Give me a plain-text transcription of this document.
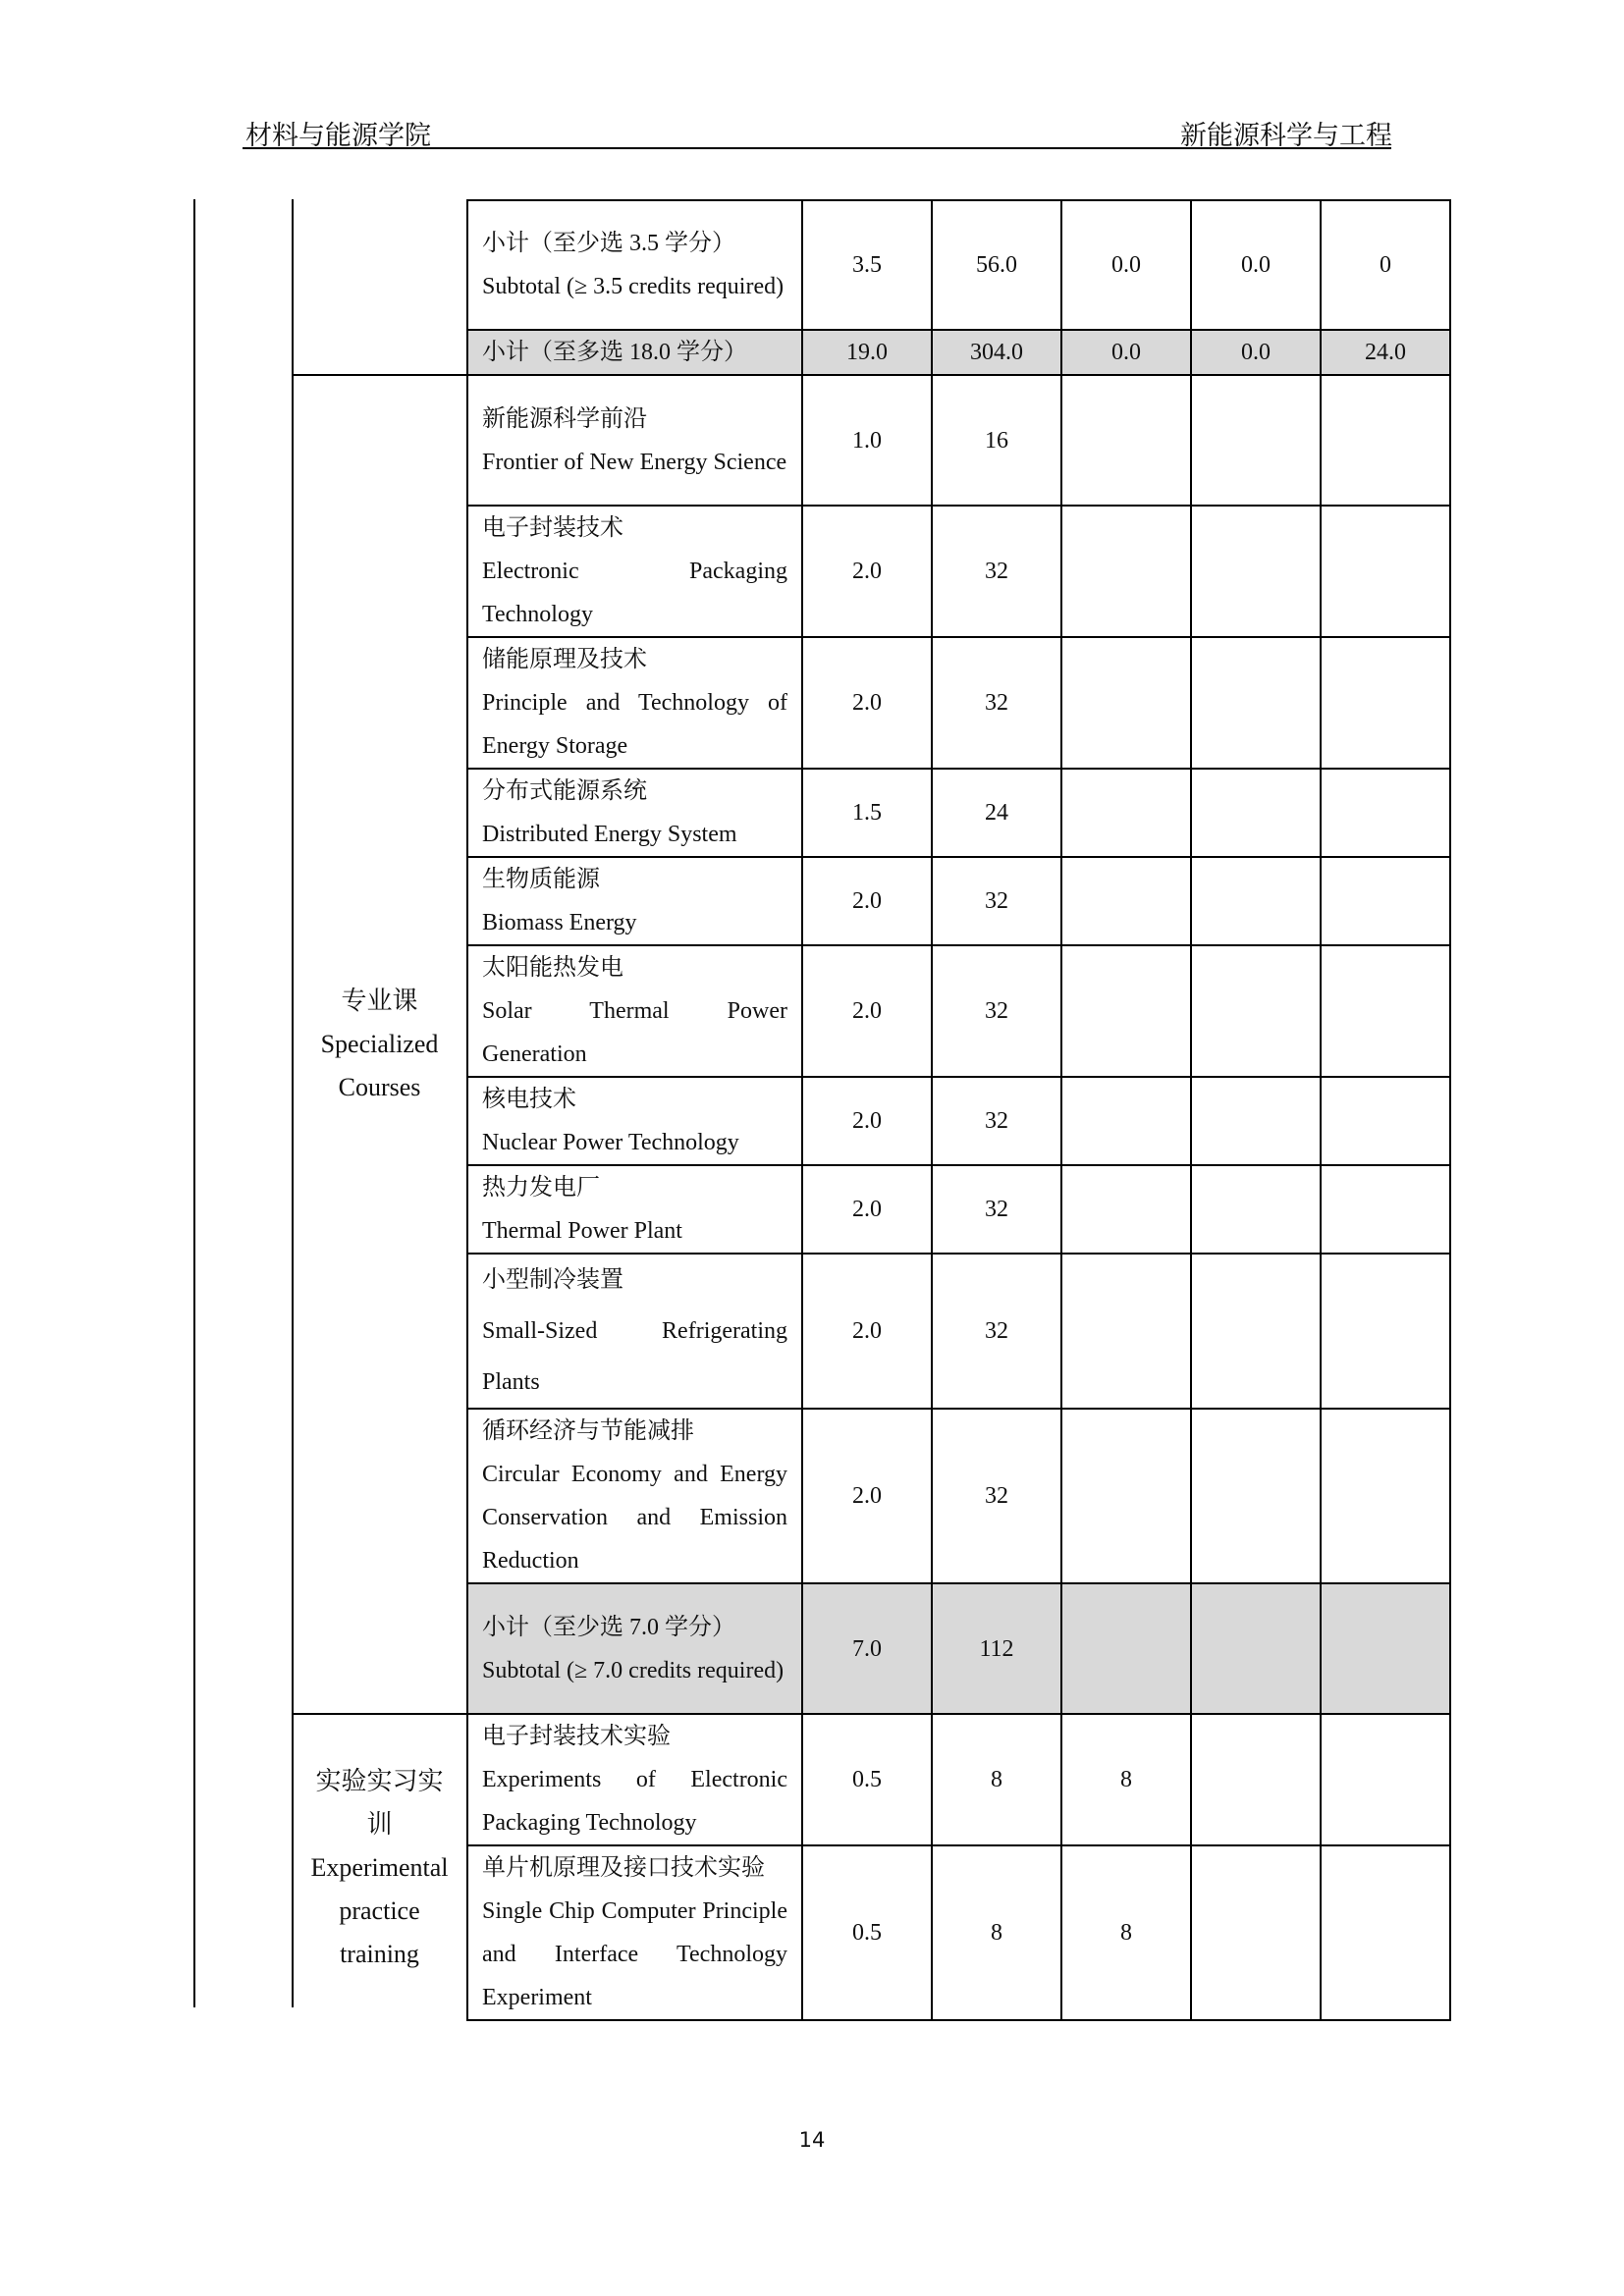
材料与能源学院	新能源科学与工程

	小计（至少选 3.5 学分）
Subtotal (≥ 3.5 credits required)	3.5	56.0	0.0	0.0	0
	小计（至多选 18.0 学分）	19.0	304.0	0.0	0.0	24.0

专业课
Specialized
Courses	新能源科学前沿
Frontier of New Energy Science	1.0	16			

	电子封装技术
Electronic Packaging Technology	2.0	32			

	储能原理及技术
Principle and Technology of Energy Storage	2.0	32			

	分布式能源系统
Distributed Energy System	1.5	24			

	生物质能源
Biomass Energy	2.0	32			

	太阳能热发电
Solar Thermal Power Generation	2.0	32			

	核电技术
Nuclear Power Technology	2.0	32			

	热力发电厂
Thermal Power Plant	2.0	32			

	小型制冷装置
Small-Sized Refrigerating Plants	2.0	32			

	循环经济与节能减排
Circular Economy and Energy Conservation and Emission Reduction	2.0	32			

	小计（至少选 7.0 学分）
Subtotal (≥ 7.0 credits required)	7.0	112			

实验实习实
训
Experimental
practice
training	电子封装技术实验
Experiments of Electronic Packaging Technology	0.5	8	8		

	单片机原理及接口技术实验
Single Chip Computer Principle and Interface Technology Experiment	0.5	8	8		
14
